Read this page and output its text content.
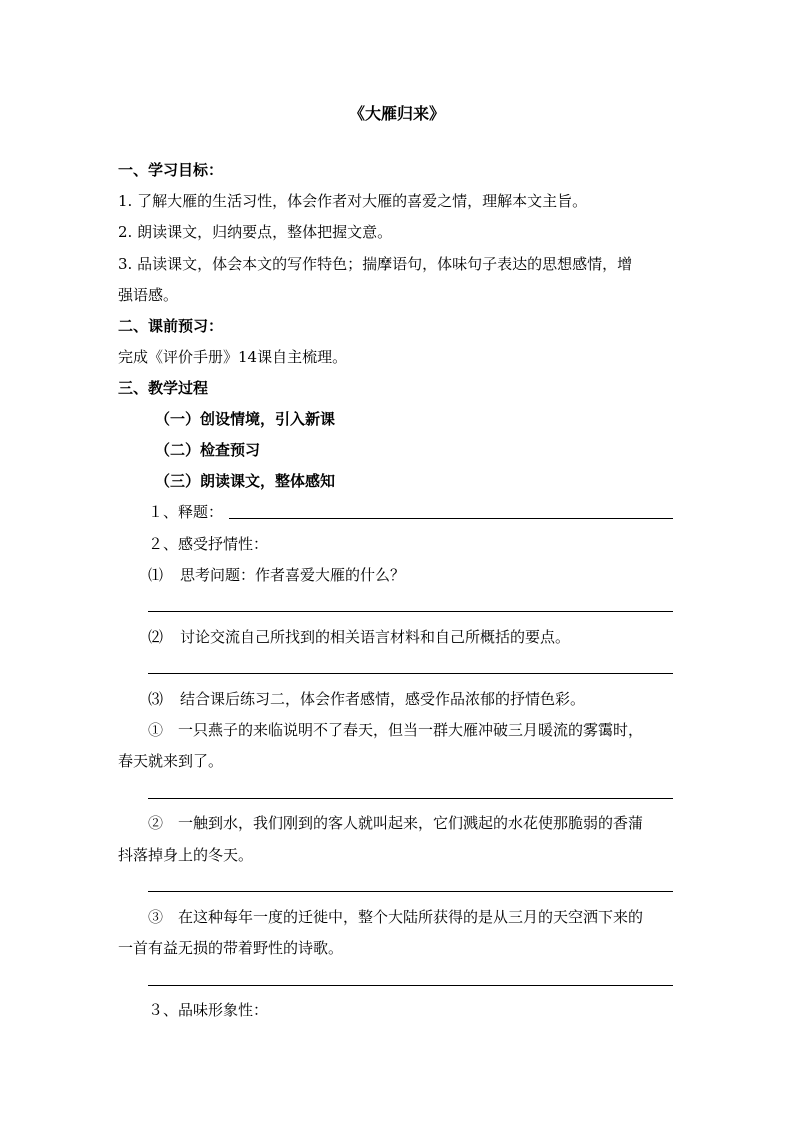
《大雁归来》
一、学习目标：
1. 了解大雁的生活习性，体会作者对大雁的喜爱之情，理解本文主旨。
2. 朗读课文，归纳要点，整体把握文意。
3. 品读课文，体会本文的写作特色；揣摩语句，体味句子表达的思想感情，增
强语感。
二、课前预习：
完成《评价手册》14课自主梳理。
三、教学过程
（一）创设情境，引入新课
（二）检查预习
（三）朗读课文，整体感知
１、释题：
２、感受抒情性：
⑴ 思考问题：作者喜爱大雁的什么？
⑵ 讨论交流自己所找到的相关语言材料和自己所概括的要点。
⑶ 结合课后练习二，体会作者感情，感受作品浓郁的抒情色彩。
①　一只燕子的来临说明不了春天，但当一群大雁冲破三月暖流的雾霭时，
春天就来到了。
②　一触到水，我们刚到的客人就叫起来，它们溅起的水花使那脆弱的香蒲
抖落掉身上的冬天。
③　在这种每年一度的迁徙中，整个大陆所获得的是从三月的天空洒下来的
一首有益无损的带着野性的诗歌。
３、品味形象性：
